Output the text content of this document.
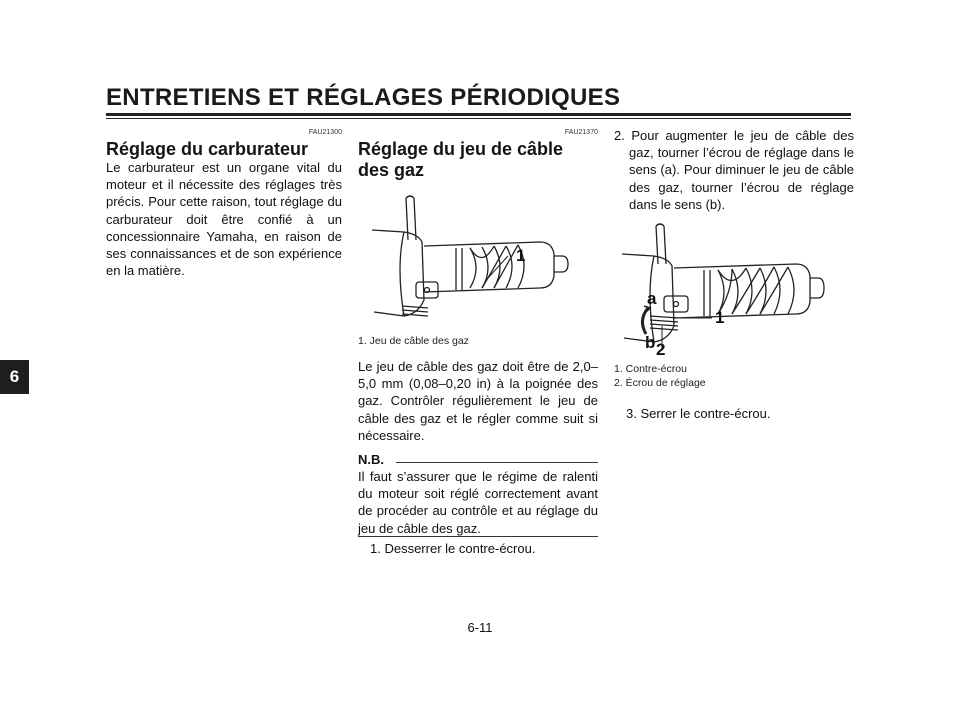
ENTRETIENS ET RÉGLAGES PÉRIODIQUES
6
FAU21300
Réglage du carburateur
Le carburateur est un organe vital du moteur et il nécessite des réglages très précis. Pour cette raison, tout réglage du carburateur doit être confié à un concessionnaire Yamaha, en raison de ses connaissances et de son expérience en la matière.
FAU21370
Réglage du jeu de câble des gaz
1
1. Jeu de câble des gaz
Le jeu de câble des gaz doit être de 2,0–5,0 mm (0,08–0,20 in) à la poignée des gaz. Contrôler régulièrement le jeu de câble des gaz et le régler comme suit si nécessaire.
N.B.
Il faut s’assurer que le régime de ralenti du moteur soit réglé correctement avant de procéder au contrôle et au réglage du jeu de câble des gaz.
1. Desserrer le contre-écrou.
2. Pour augmenter le jeu de câble des gaz, tourner l’écrou de réglage dans le sens (a). Pour diminuer le jeu de câble des gaz, tourner l’écrou de réglage dans le sens (b).
a
b
1
2
1. Contre-écrou
2. Écrou de réglage
3. Serrer le contre-écrou.
6-11
